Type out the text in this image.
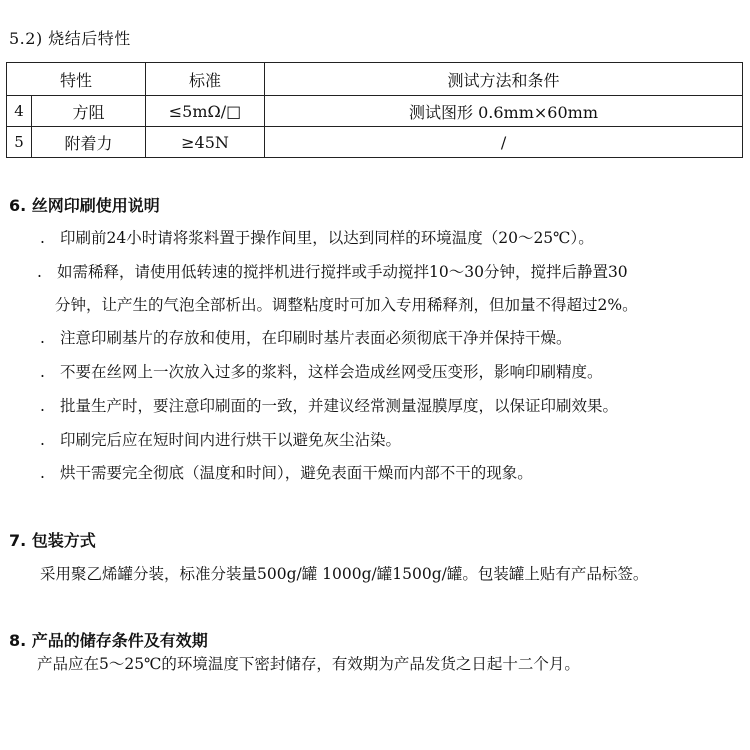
5.2) 烧结后特性
特性		标准	测试方法和条件
4	方阻	≤5mΩ/□	测试图形 0.6mm×60mm
5	附着力	≥45N	/
6. 丝网印刷使用说明
. 印刷前24小时请将浆料置于操作间里，以达到同样的环境温度（20～25℃）。
. 如需稀释，请使用低转速的搅拌机进行搅拌或手动搅拌10～30分钟，搅拌后静置30
分钟，让产生的气泡全部析出。调整粘度时可加入专用稀释剂，但加量不得超过2%。
. 注意印刷基片的存放和使用，在印刷时基片表面必须彻底干净并保持干燥。
. 不要在丝网上一次放入过多的浆料，这样会造成丝网受压变形，影响印刷精度。
. 批量生产时，要注意印刷面的一致，并建议经常测量湿膜厚度，以保证印刷效果。
. 印刷完后应在短时间内进行烘干以避免灰尘沾染。
. 烘干需要完全彻底（温度和时间），避免表面干燥而内部不干的现象。
7. 包装方式
采用聚乙烯罐分装，标准分装量500g/罐 1000g/罐1500g/罐。包装罐上贴有产品标签。
8. 产品的储存条件及有效期
产品应在5～25℃的环境温度下密封储存，有效期为产品发货之日起十二个月。
